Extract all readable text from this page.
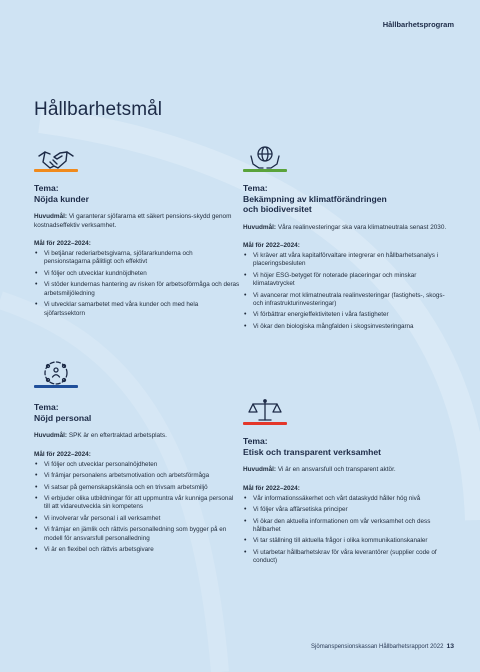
Hållbarhetsprogram
Hållbarhetsmål

Tema:
Nöjda kunder

Huvudmål: Vi garanterar sjöfararna ett säkert pensions-skydd genom kostnadseffektiv verksamhet.

Mål för 2022–2024:
• Vi betjänar rederiarbetsgivarna, sjöfararkunderna och pensionstagarna pålitligt och effektivt
• Vi följer och utvecklar kundnöjdheten
• Vi stöder kundernas hantering av risken för arbetsoförmåga och deras arbetsmiljöledning
• Vi utvecklar samarbetet med våra kunder och med hela sjöfartssektorn

Tema:
Bekämpning av klimatförändringen
och biodiversitet

Huvudmål: Våra realinvesteringar ska vara klimatneutrala senast 2030.

Mål för 2022–2024:
• Vi kräver att våra kapitalförvaltare integrerar en hållbarhetsanalys i placeringsbesluten
• Vi höjer ESG-betyget för noterade placeringar och minskar klimatavtrycket
• Vi avancerar mot klimatneutrala realinvesteringar (fastighets-, skogs- och infrastrukturinvesteringar)
• Vi förbättrar energieffektiviteten i våra fastigheter
• Vi ökar den biologiska mångfalden i skogsinvesteringarna

Tema:
Nöjd personal

Huvudmål: SPK är en eftertraktad arbetsplats.

Mål för 2022–2024:
• Vi följer och utvecklar personalnöjdheten
• Vi främjar personalens arbetsmotivation och arbetsförmåga
• Vi satsar på gemenskapskänsla och en trivsam arbetsmiljö
• Vi erbjuder olika utbildningar för att uppmuntra vår kunniga personal till att vidareutveckla sin kompetens
• Vi involverar vår personal i all verksamhet
• Vi främjar en jämlik och rättvis personalledning som bygger på en modell för ansvarsfull personalledning
• Vi är en flexibel och rättvis arbetsgivare

Tema:
Etisk och transparent verksamhet

Huvudmål: Vi är en ansvarsfull och transparent aktör.

Mål för 2022–2024:
• Vår informationssäkerhet och vårt dataskydd håller hög nivå
• Vi följer våra affärsetiska principer
• Vi ökar den aktuella informationen om vår verksamhet och dess hållbarhet
• Vi tar ställning till aktuella frågor i olika kommunikationskanaler
• Vi utarbetar hållbarhetskrav för våra leverantörer (supplier code of conduct)
Sjömanspensionskassan Hållbarhetsrapport 2022 13
